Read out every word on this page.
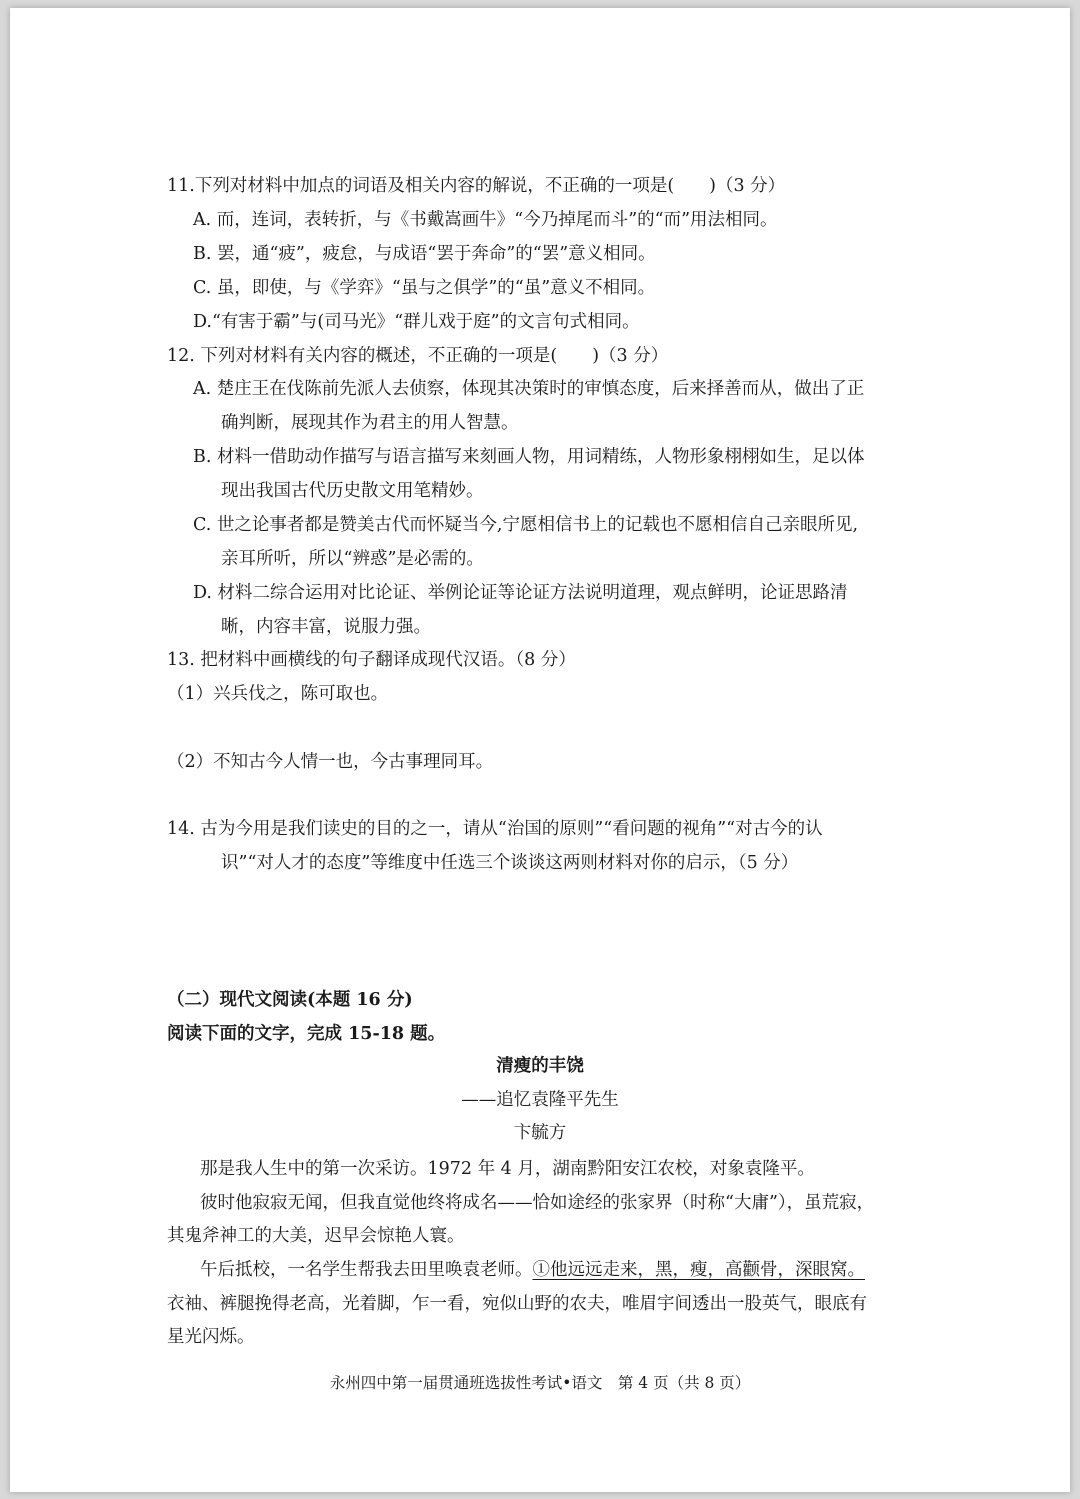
11.下列对材料中加点的词语及相关内容的解说，不正确的一项是(　　)（3 分）
A. 而，连词，表转折，与《书戴嵩画牛》“今乃掉尾而斗”的“而”用法相同。
B. 罢，通“疲”，疲怠，与成语“罢于奔命”的“罢”意义相同。
C. 虽，即使，与《学弈》“虽与之俱学”的“虽”意义不相同。
D.“有害于霸”与(司马光》“群儿戏于庭”的文言句式相同。
12. 下列对材料有关内容的概述，不正确的一项是(　　)（3 分）
A. 楚庄王在伐陈前先派人去侦察，体现其决策时的审慎态度，后来择善而从，做出了正
确判断，展现其作为君主的用人智慧。
B. 材料一借助动作描写与语言描写来刻画人物，用词精练，人物形象栩栩如生，足以体
现出我国古代历史散文用笔精妙。
C. 世之论事者都是赞美古代而怀疑当今,宁愿相信书上的记载也不愿相信自己亲眼所见,
亲耳所听，所以“辨惑”是必需的。
D. 材料二综合运用对比论证、举例论证等论证方法说明道理，观点鲜明，论证思路清
晰，内容丰富，说服力强。
13. 把材料中画横线的句子翻译成现代汉语。（8 分）
（1）兴兵伐之，陈可取也。
（2）不知古今人情一也，今古事理同耳。
14. 古为今用是我们读史的目的之一，请从“治国的原则”“看问题的视角”“对古今的认
识”“对人才的态度”等维度中任选三个谈谈这两则材料对你的启示，（5 分）
（二）现代文阅读(本题 16 分)
阅读下面的文字，完成 15-18 题。
清瘦的丰饶
——追忆袁隆平先生
卞毓方
那是我人生中的第一次采访。1972 年 4 月，湖南黔阳安江农校，对象袁隆平。
彼时他寂寂无闻，但我直觉他终将成名——恰如途经的张家界（时称“大庸”），虽荒寂，
其鬼斧神工的大美，迟早会惊艳人寰。
午后抵校，一名学生帮我去田里唤袁老师。①他远远走来，黑，瘦，高颧骨，深眼窝。
衣袖、裤腿挽得老高，光着脚，乍一看，宛似山野的农夫，唯眉宇间透出一股英气，眼底有
星光闪烁。
永州四中第一届贯通班选拔性考试•语文　第 4 页（共 8 页）
